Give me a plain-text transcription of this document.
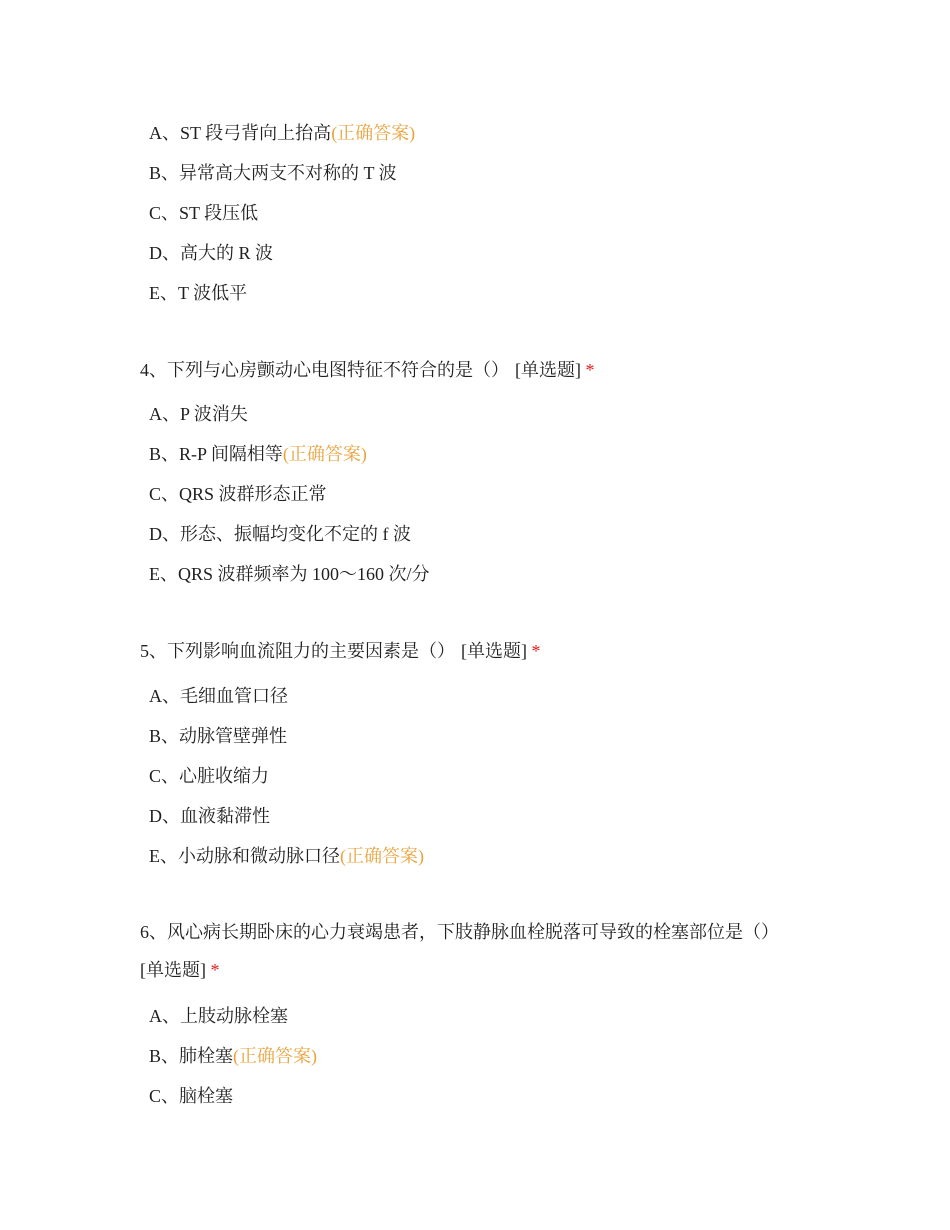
A、ST 段弓背向上抬高(正确答案)
B、异常高大两支不对称的 T 波
C、ST 段压低
D、高大的 R 波
E、T 波低平
4、下列与心房颤动心电图特征不符合的是（） [单选题] *
A、P 波消失
B、R-P 间隔相等(正确答案)
C、QRS 波群形态正常
D、形态、振幅均变化不定的 f 波
E、QRS 波群频率为 100～160 次/分
5、下列影响血流阻力的主要因素是（） [单选题] *
A、毛细血管口径
B、动脉管壁弹性
C、心脏收缩力
D、血液黏滞性
E、小动脉和微动脉口径(正确答案)
6、风心病长期卧床的心力衰竭患者，下肢静脉血栓脱落可导致的栓塞部位是（）
[单选题] *
A、上肢动脉栓塞
B、肺栓塞(正确答案)
C、脑栓塞
